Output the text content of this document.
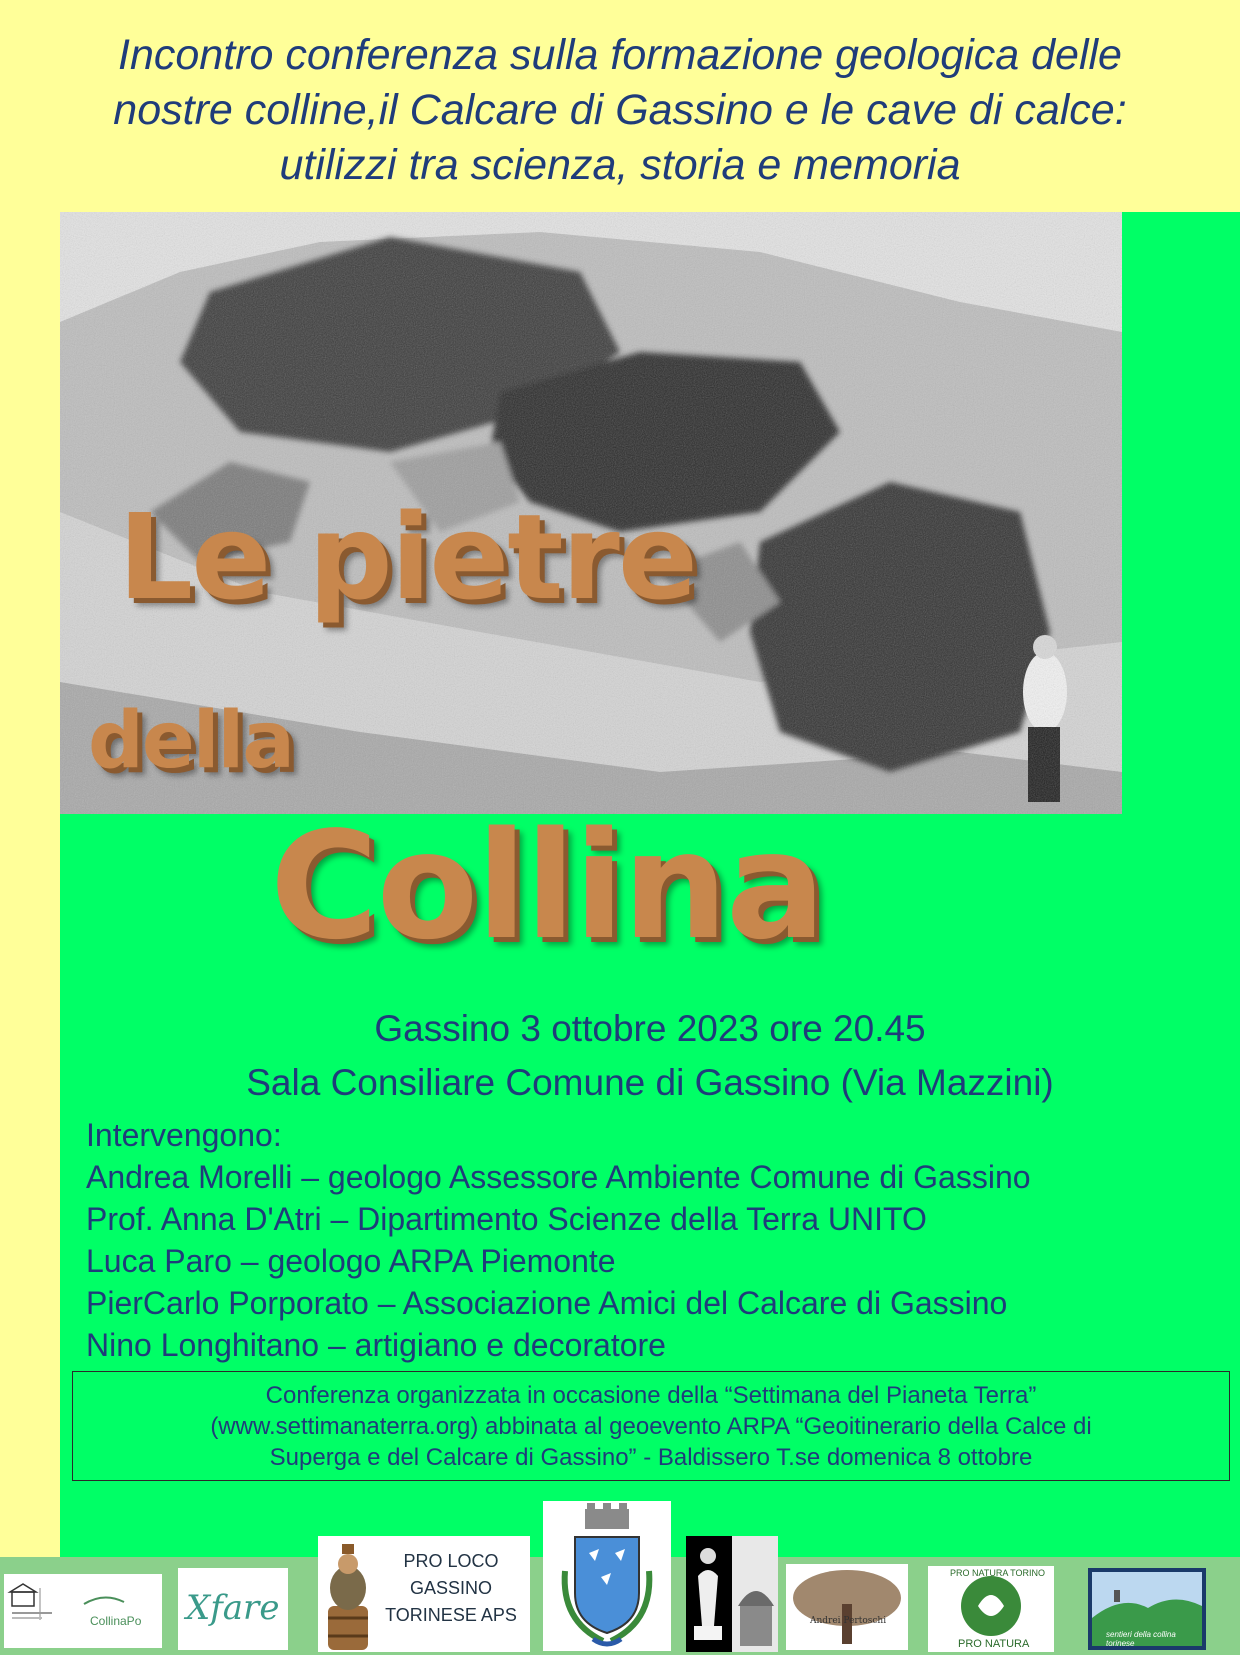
Incontro conferenza sulla formazione geologica delle
nostre colline,il Calcare di Gassino e le cave di calce:
utilizzi tra scienza, storia e memoria
Le pietre
della
Collina
Gassino 3 ottobre 2023 ore 20.45
Sala Consiliare Comune di Gassino (Via Mazzini)
Intervengono:
Andrea Morelli – geologo Assessore Ambiente Comune di Gassino
Prof. Anna D'Atri – Dipartimento Scienze della Terra UNITO
Luca Paro – geologo ARPA Piemonte
PierCarlo Porporato – Associazione Amici del Calcare di Gassino
Nino Longhitano – artigiano e decoratore
Conferenza organizzata in occasione della “Settimana del Pianeta Terra”
(www.settimanaterra.org) abbinata al geoevento ARPA “Geoitinerario della Calce di
Superga e del Calcare di Gassino” - Baldissero T.se domenica 8 ottobre
CollinaPo Xfare
PRO LOCO
GASSINO
TORINESE APS	Andrei Pertoschi
PRO NATURA TORINO
PRO NATURA
sentieri della collina torinese
